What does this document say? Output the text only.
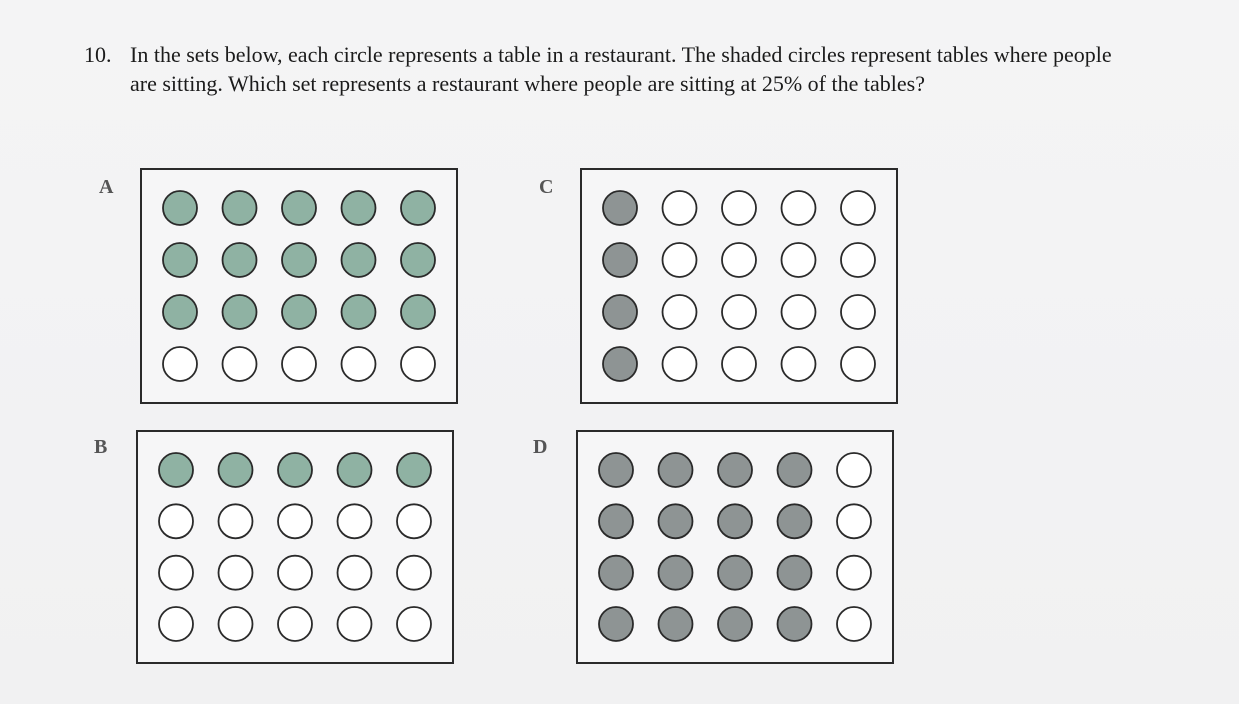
10. In the sets below, each circle represents a table in a restaurant. The shaded circles represent tables where people are sitting. Which set represents a restaurant where people are sitting at 25% of the tables?

A
B
C
D
